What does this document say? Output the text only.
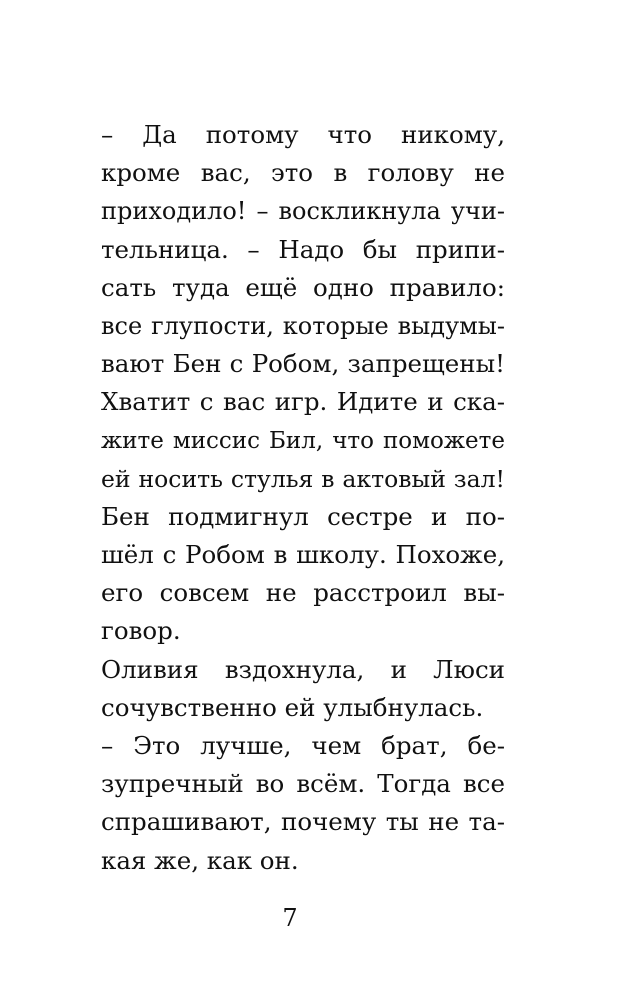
– Да потому что никому,
кроме вас, это в голову не
приходило! – воскликнула учи-
тельница. – Надо бы припи-
сать туда ещё одно правило:
все глупости, которые выдумы-
вают Бен с Робом, запрещены!
Хватит с вас игр. Идите и ска-
жите миссис Бил, что поможете
ей носить стулья в актовый зал!
Бен подмигнул сестре и по-
шёл с Робом в школу. Похоже,
его совсем не расстроил вы-
говор.
Оливия вздохнула, и Люси
сочувственно ей улыбнулась.
– Это лучше, чем брат, бе-
зупречный во всём. Тогда все
спрашивают, почему ты не та-
кая же, как он.
7
